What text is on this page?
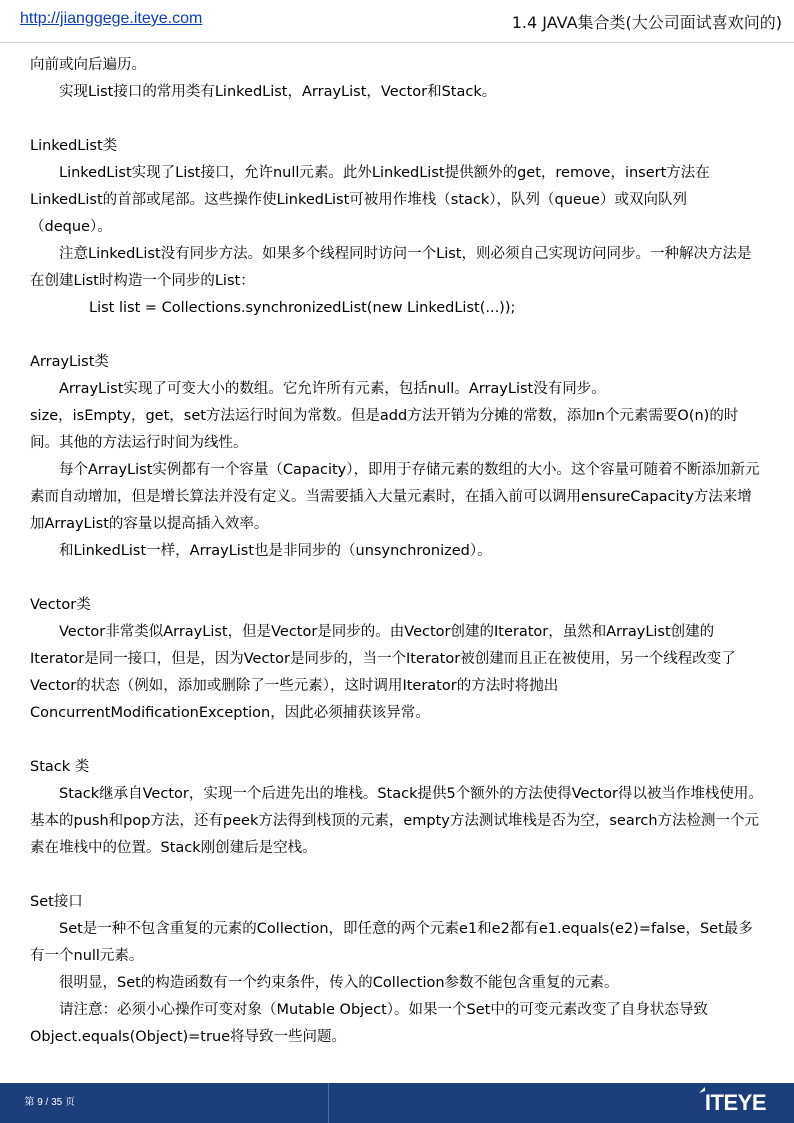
http://jianggege.iteye.com	1.4 JAVA集合类(大公司面试喜欢问的)

向前或向后遍历。

实现List接口的常用类有LinkedList，ArrayList，Vector和Stack。

LinkedList类

LinkedList实现了List接口，允许null元素。此外LinkedList提供额外的get，remove，insert方法在LinkedList的首部或尾部。这些操作使LinkedList可被用作堆栈（stack），队列（queue）或双向队列（deque）。

注意LinkedList没有同步方法。如果多个线程同时访问一个List，则必须自己实现访问同步。一种解决方法是在创建List时构造一个同步的List：

List list = Collections.synchronizedList(new LinkedList(...));

ArrayList类

ArrayList实现了可变大小的数组。它允许所有元素，包括null。ArrayList没有同步。

size，isEmpty，get，set方法运行时间为常数。但是add方法开销为分摊的常数，添加n个元素需要O(n)的时间。其他的方法运行时间为线性。

每个ArrayList实例都有一个容量（Capacity），即用于存储元素的数组的大小。这个容量可随着不断添加新元素而自动增加，但是增长算法并没有定义。当需要插入大量元素时，在插入前可以调用ensureCapacity方法来增加ArrayList的容量以提高插入效率。

和LinkedList一样，ArrayList也是非同步的（unsynchronized）。

Vector类

Vector非常类似ArrayList，但是Vector是同步的。由Vector创建的Iterator，虽然和ArrayList创建的Iterator是同一接口，但是，因为Vector是同步的，当一个Iterator被创建而且正在被使用，另一个线程改变了Vector的状态（例如，添加或删除了一些元素），这时调用Iterator的方法时将抛出ConcurrentModificationException，因此必须捕获该异常。

Stack 类

Stack继承自Vector，实现一个后进先出的堆栈。Stack提供5个额外的方法使得Vector得以被当作堆栈使用。基本的push和pop方法，还有peek方法得到栈顶的元素，empty方法测试堆栈是否为空，search方法检测一个元素在堆栈中的位置。Stack刚创建后是空栈。

Set接口

Set是一种不包含重复的元素的Collection，即任意的两个元素e1和e2都有e1.equals(e2)=false，Set最多有一个null元素。

很明显，Set的构造函数有一个约束条件，传入的Collection参数不能包含重复的元素。

请注意：必须小心操作可变对象（Mutable Object）。如果一个Set中的可变元素改变了自身状态导致Object.equals(Object)=true将导致一些问题。

第 9 / 35 页	ITEYE
